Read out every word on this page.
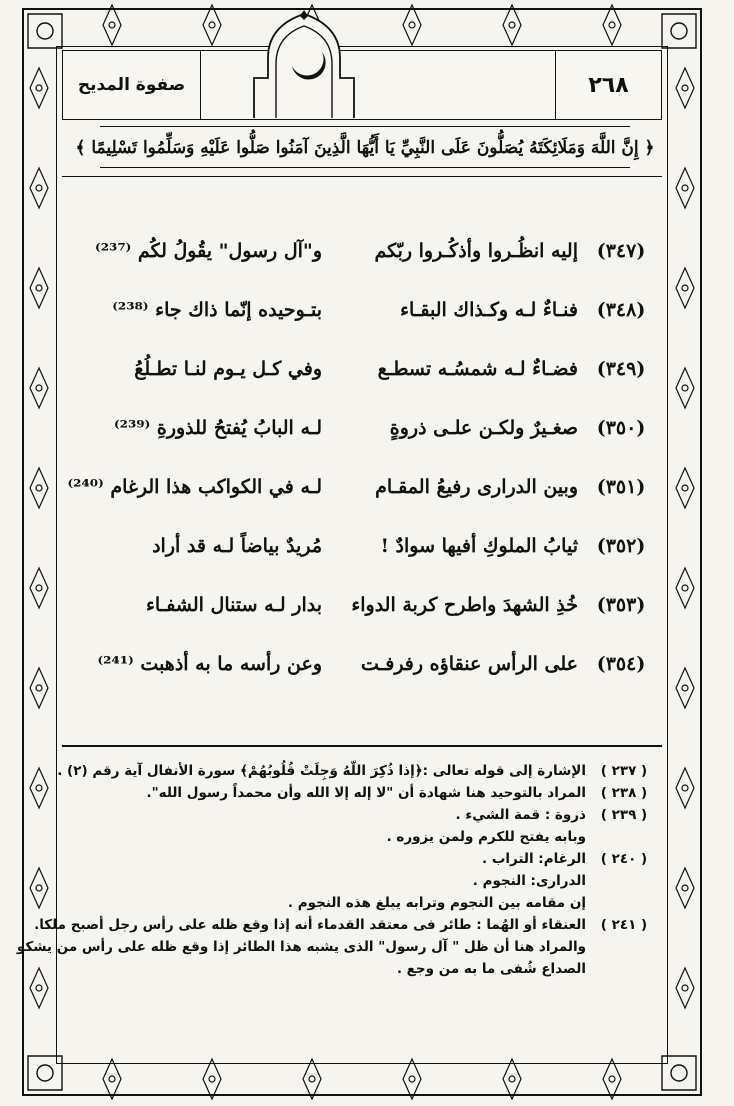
صفوة المديح	٢٦٨
﴿ إِنَّ اللَّهَ وَمَلَائِكَتَهُ يُصَلُّونَ عَلَى النَّبِيِّ يَا أَيُّهَا الَّذِينَ آمَنُوا صَلُّوا عَلَيْهِ وَسَلِّمُوا تَسْلِيمًا ﴾
(٣٤٧)
إليه انظُـروا وأذكُـروا ربّكم
و"آل رسول" يقُولُ لكُم ⁽²³⁷⁾
(٣٤٨)
فنـاءٌ لـه وكـذاك البقـاء
بتـوحيده إنّما ذاك جاء ⁽²³⁸⁾
(٣٤٩)
فضـاءٌ لـه شمسُـه تسطـع
وفي كـل يـوم لنـا تطـلُعُ
(٣٥٠)
صغـيرٌ ولكـن علـى ذروةٍ
لـه البابُ يُفتحُ للذورةِ ⁽²³⁹⁾
(٣٥١)
وبين الدرارى رفيعُ المقـام
لـه في الكواكب هذا الرغام ⁽²⁴⁰⁾
(٣٥٢)
ثيابُ الملوكِ أفيها سوادٌ !
مُريدٌ بياضاً لـه قد أراد
(٣٥٣)
خُذِ الشهدَ واطرح كربة الدواء
بدار لـه ستنال الشفـاء
(٣٥٤)
على الرأس عنقاؤه رفرفـت
وعن رأسه ما به أذهبت ⁽²⁴¹⁾
( ٢٣٧ )
الإشارة إلى قوله تعالى :﴿إذا ذُكِرَ اللّهُ وَجِلَتْ قُلُوبُهُمْ﴾ سورة الأنفال آية رقم (٢) .
( ٢٣٨ )
المراد بالتوحيد هنا شهادة أن "لا إله إلا الله وأن محمداً رسول الله".
( ٢٣٩ )
ذروة : قمة الشيء .
وبابه يفتح للكرم ولمن يزوره .
( ٢٤٠ )
الرغام: التراب .
الدرارى: النجوم .
إن مقامه بين النجوم وترابه يبلغ هذه النجوم .
( ٢٤١ )
العنقاء أو الهُما : طائر فى معتقد القدماء أنه إذا وقع ظله على رأس رجل أصبح ملكا.
والمراد هنا أن ظل " آل رسول" الذى يشبه هذا الطائر إذا وقع ظله على رأس من يشكو
الصداع شُفى ما به من وجع .
